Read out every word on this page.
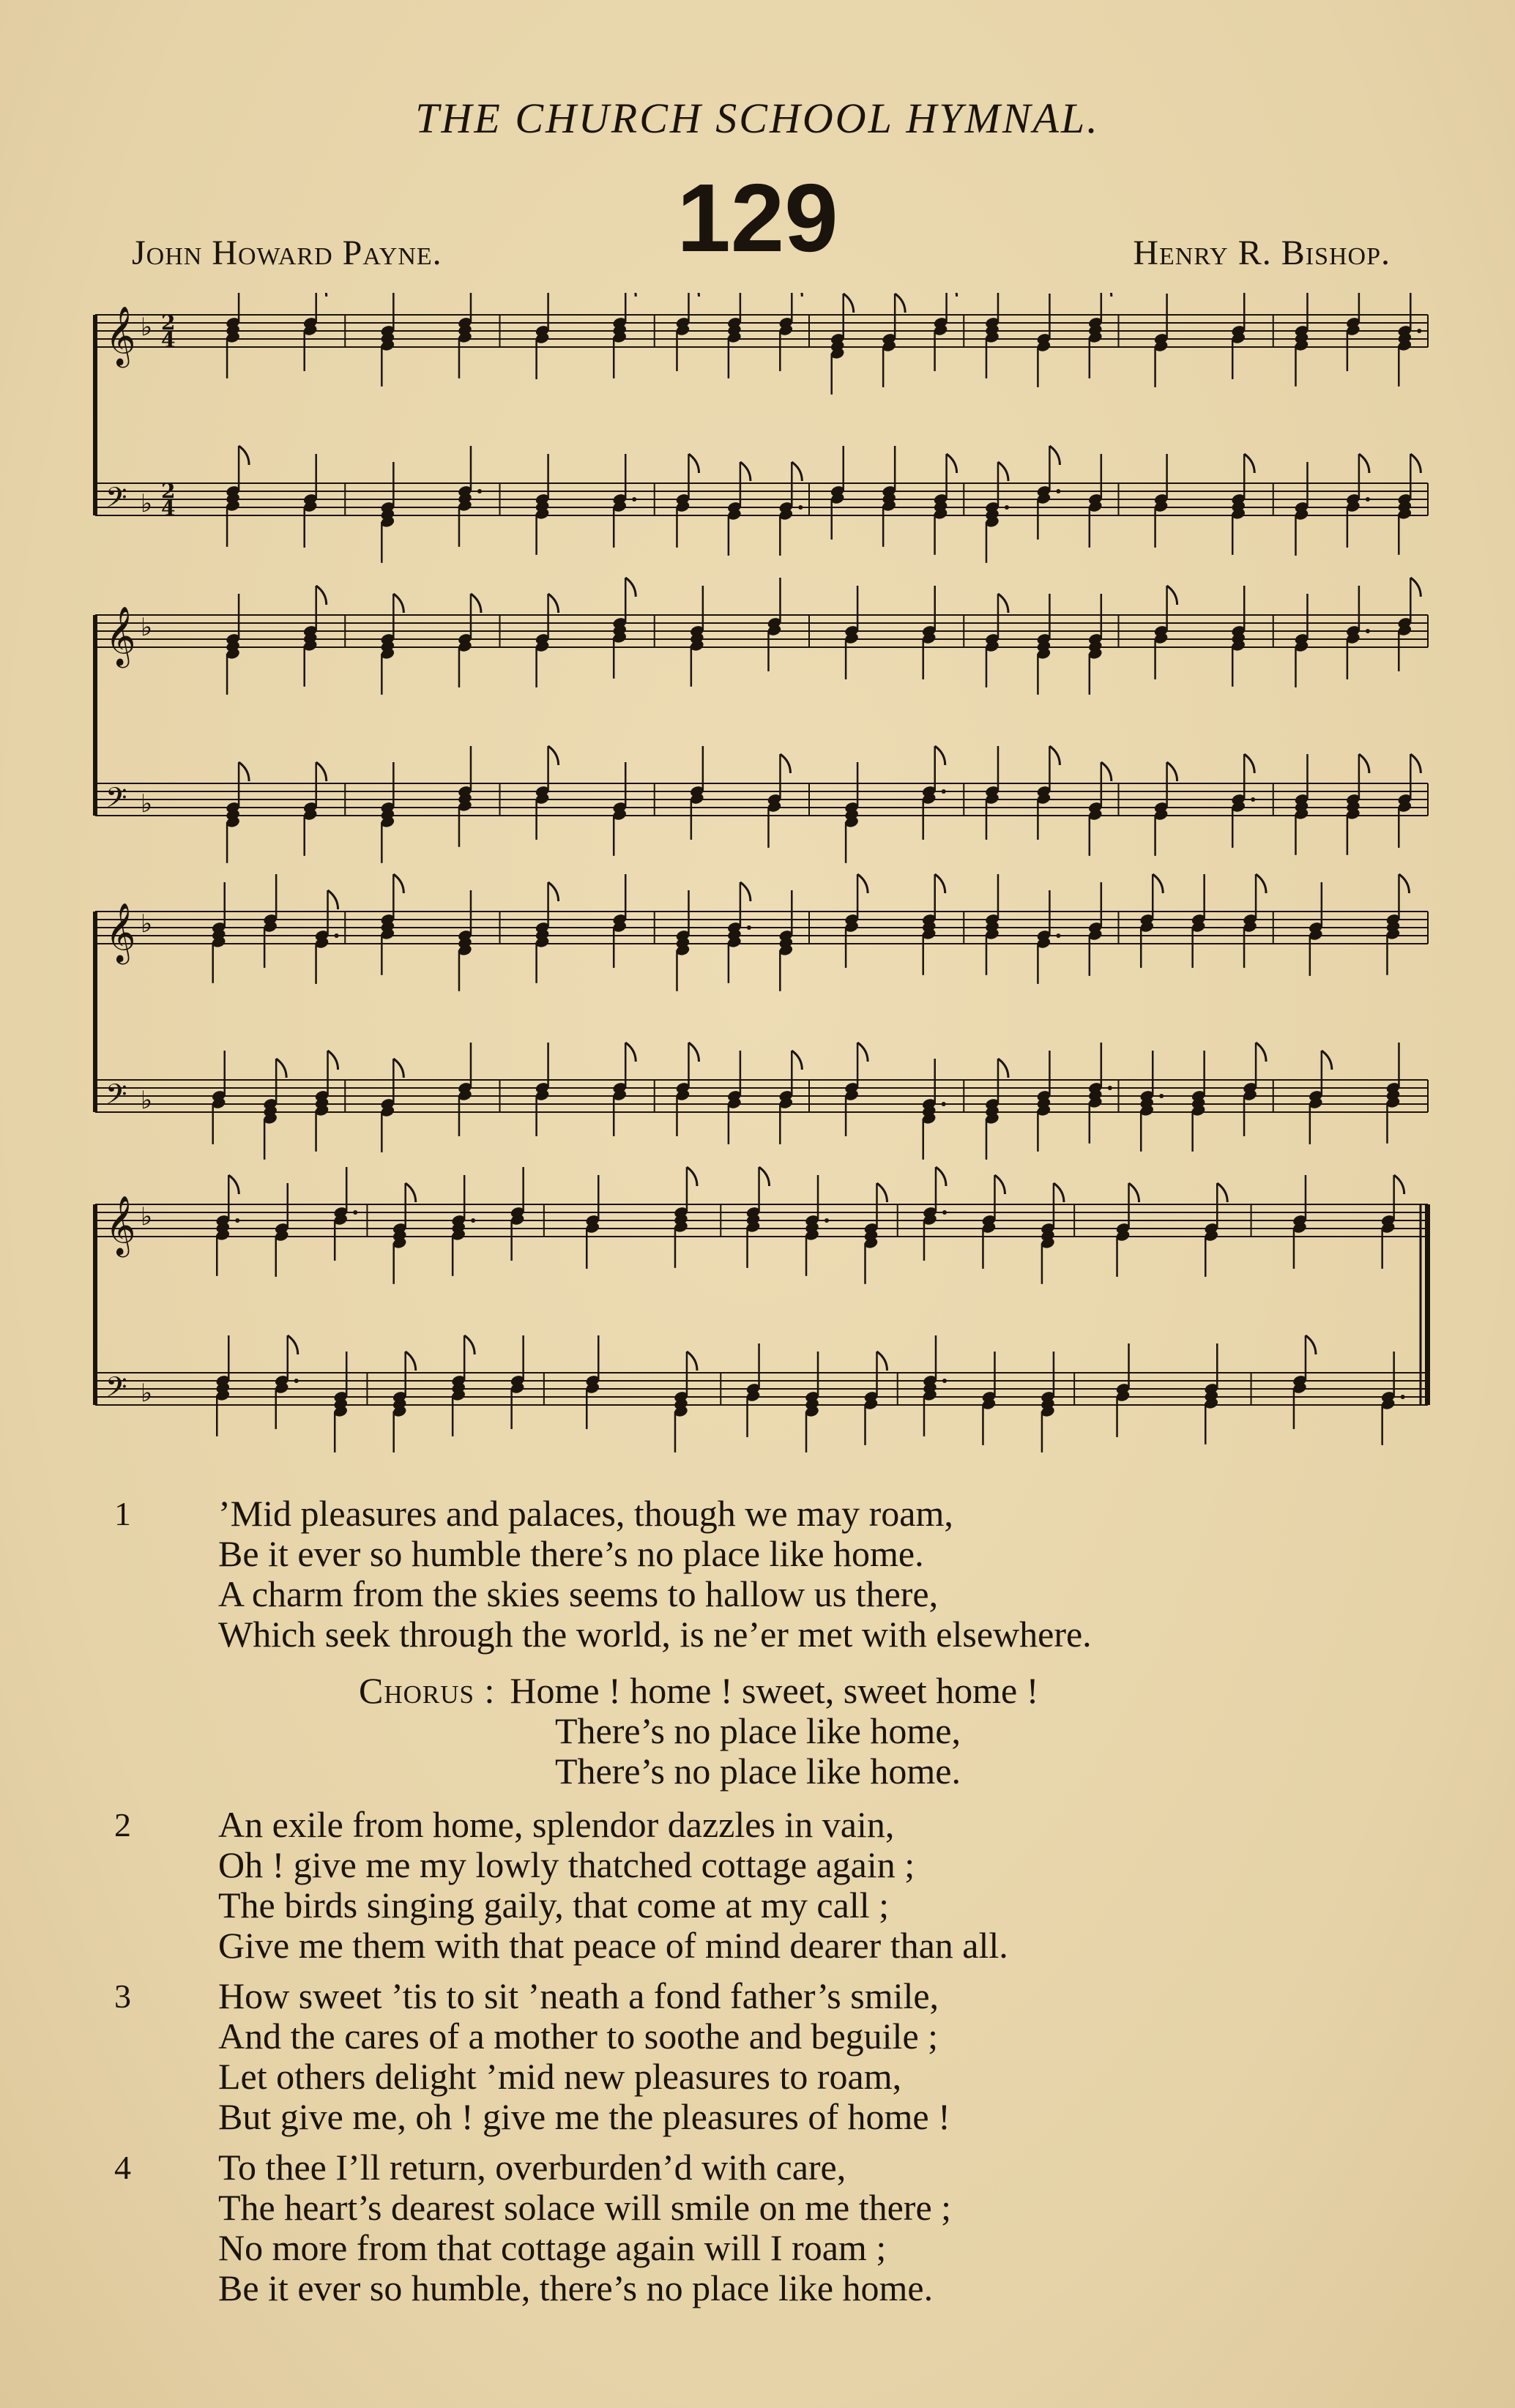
THE CHURCH SCHOOL HYMNAL.
129
John Howard Payne.	Henry R. Bishop.
𝄞 ♭ 2
4
𝄢 ♭ 2
4
𝄞 ♭
𝄢 ♭
𝄞 ♭
𝄢 ♭
𝄞 ♭
𝄢 ♭
1	’Mid pleasures and palaces, though we may roam,
Be it ever so humble there’s no place like home.
A charm from the skies seems to hallow us there,
Which seek through the world, is ne’er met with elsewhere.
Chorus : Home ! home ! sweet, sweet home !
There’s no place like home,
There’s no place like home.
2	An exile from home, splendor dazzles in vain,
Oh ! give me my lowly thatched cottage again ;
The birds singing gaily, that come at my call ;
Give me them with that peace of mind dearer than all.
3	How sweet ’tis to sit ’neath a fond father’s smile,
And the cares of a mother to soothe and beguile ;
Let others delight ’mid new pleasures to roam,
But give me, oh ! give me the pleasures of home !
4	To thee I’ll return, overburden’d with care,
The heart’s dearest solace will smile on me there ;
No more from that cottage again will I roam ;
Be it ever so humble, there’s no place like home.
